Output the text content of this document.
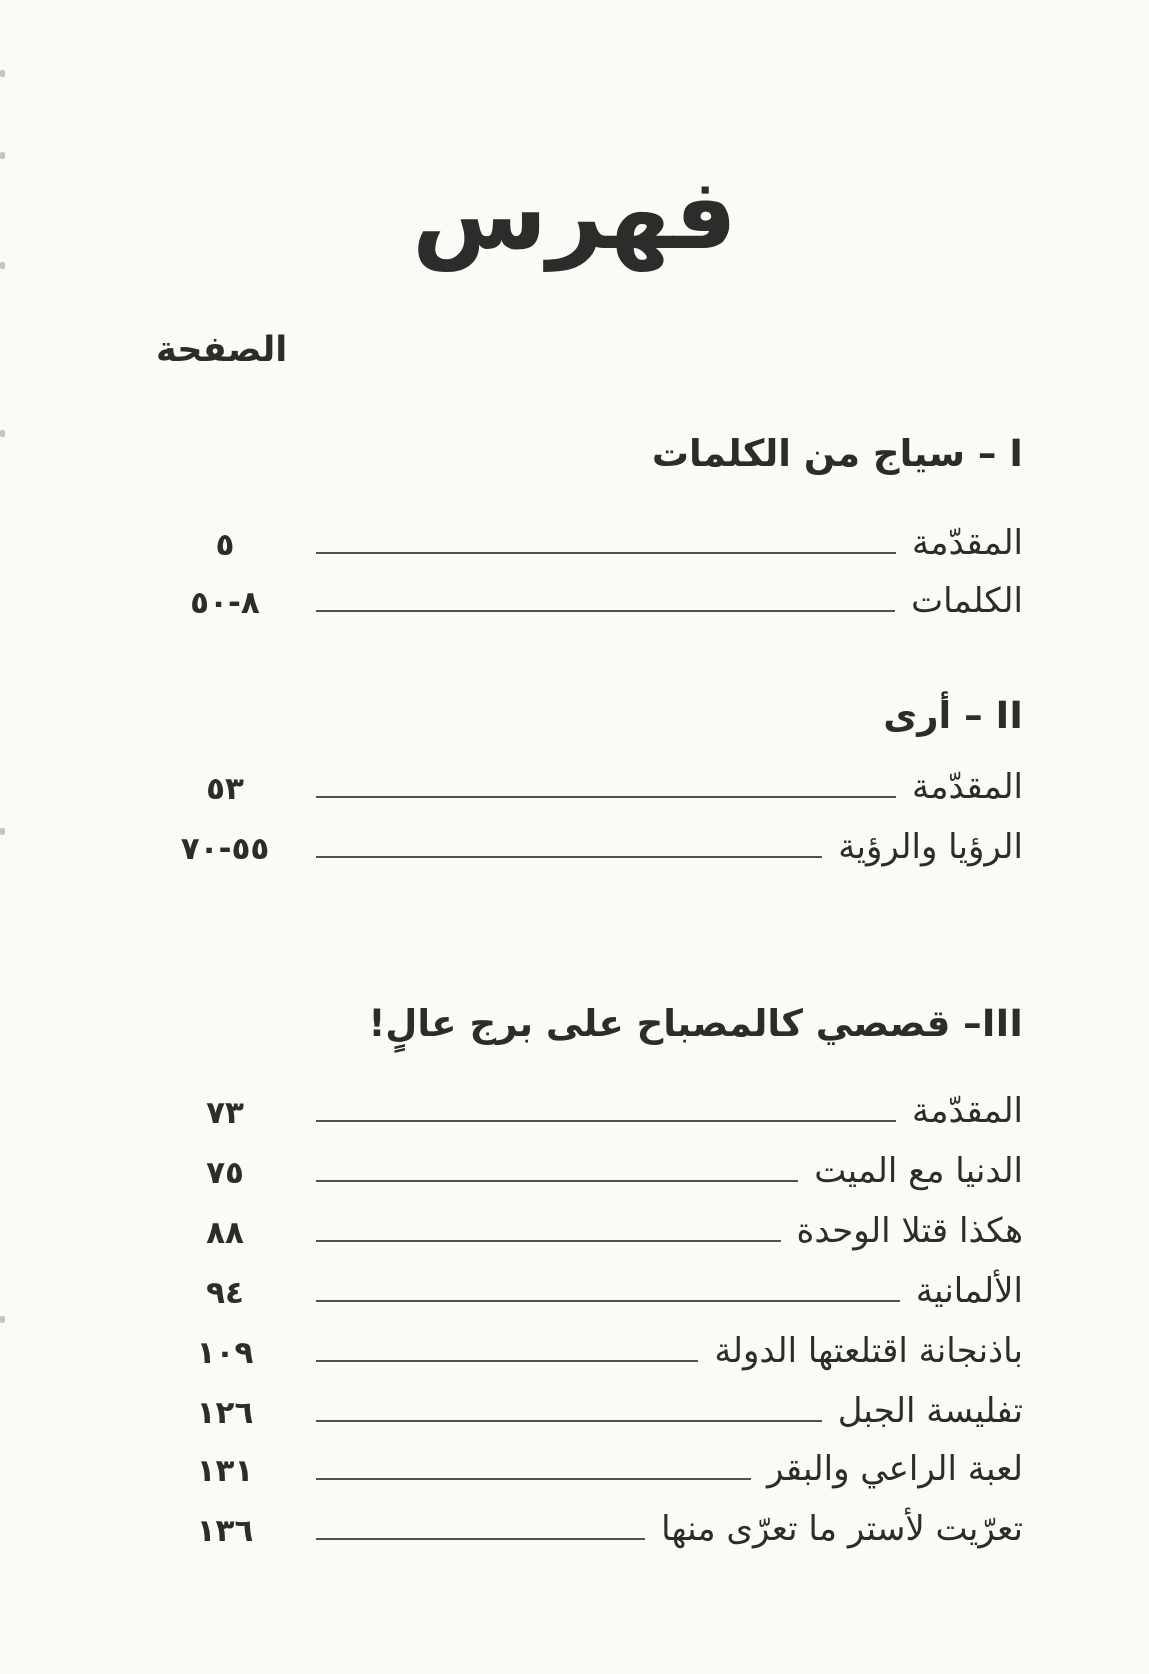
فهرس
الصفحة
I – سياج من الكلمات
المقدّمة
٥
الكلمات
٨-٥٠
II – أرى
المقدّمة
٥٣
الرؤيا والرؤية
٥٥-٧٠
III– قصصي كالمصباح على برج عالٍ!
المقدّمة
٧٣
الدنيا مع الميت
٧٥
هكذا قتلا الوحدة
٨٨
الألمانية
٩٤
باذنجانة اقتلعتها الدولة
١٠٩
تفليسة الجبل
١٢٦
لعبة الراعي والبقر
١٣١
تعرّيت لأستر ما تعرّى منها
١٣٦
